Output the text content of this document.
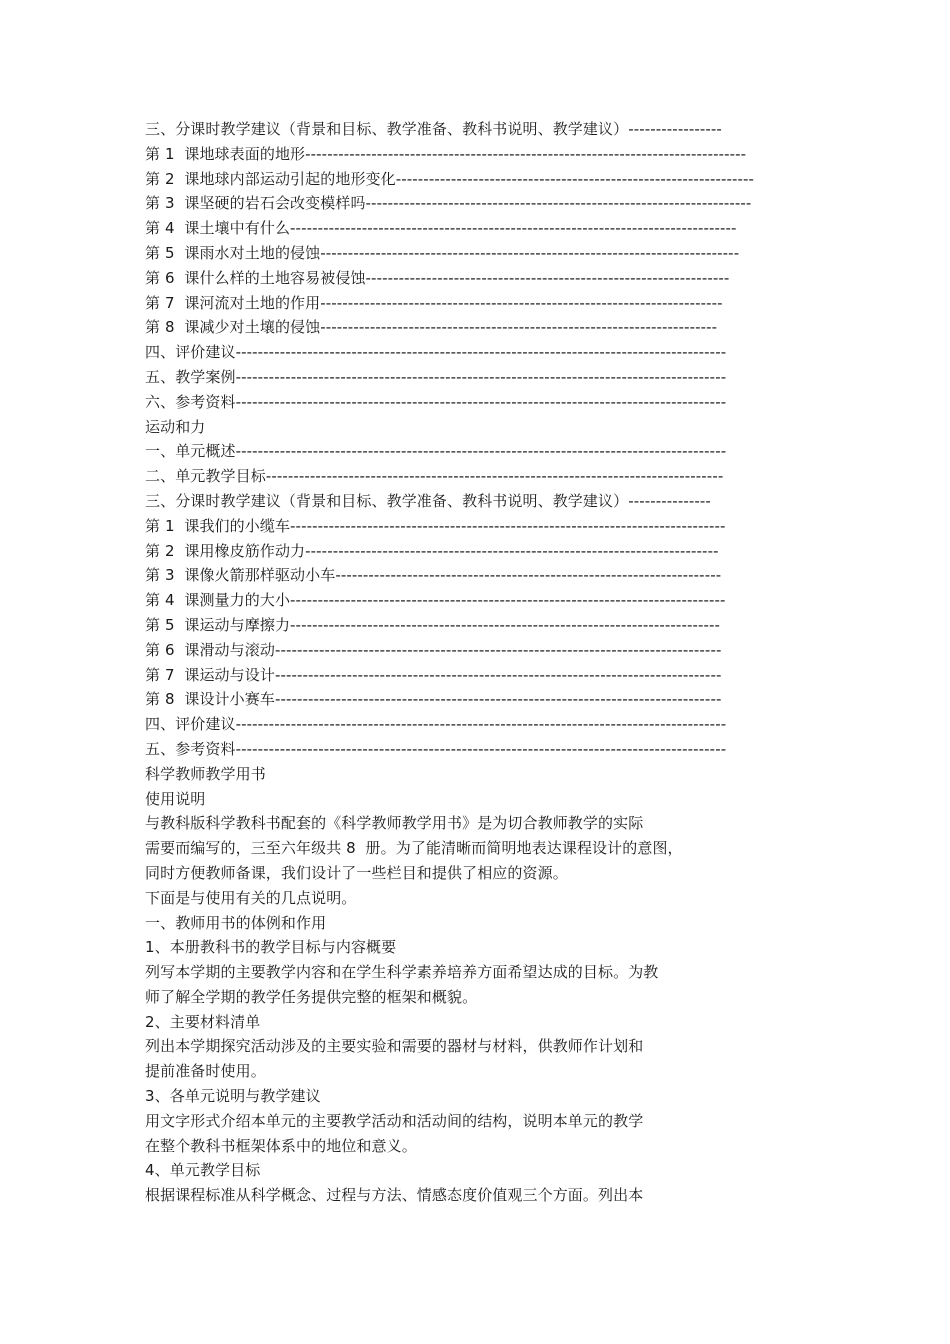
三、分课时教学建议（背景和目标、教学准备、教科书说明、教学建议）-----------------
第 1  课地球表面的地形--------------------------------------------------------------------------------
第 2  课地球内部运动引起的地形变化-----------------------------------------------------------------
第 3  课坚硬的岩石会改变模样吗----------------------------------------------------------------------
第 4  课土壤中有什么---------------------------------------------------------------------------------
第 5  课雨水对土地的侵蚀----------------------------------------------------------------------------
第 6  课什么样的土地容易被侵蚀------------------------------------------------------------------
第 7  课河流对土地的作用-------------------------------------------------------------------------
第 8  课减少对土壤的侵蚀------------------------------------------------------------------------
四、评价建议-----------------------------------------------------------------------------------------
五、教学案例-----------------------------------------------------------------------------------------
六、参考资料-----------------------------------------------------------------------------------------
运动和力
一、单元概述-----------------------------------------------------------------------------------------
二、单元教学目标-----------------------------------------------------------------------------------
三、分课时教学建议（背景和目标、教学准备、教科书说明、教学建议）---------------
第 1  课我们的小缆车-------------------------------------------------------------------------------
第 2  课用橡皮筋作动力---------------------------------------------------------------------------
第 3  课像火箭那样驱动小车----------------------------------------------------------------------
第 4  课测量力的大小-------------------------------------------------------------------------------
第 5  课运动与摩擦力------------------------------------------------------------------------------
第 6  课滑动与滚动---------------------------------------------------------------------------------
第 7  课运动与设计---------------------------------------------------------------------------------
第 8  课设计小赛车---------------------------------------------------------------------------------
四、评价建议-----------------------------------------------------------------------------------------
五、参考资料-----------------------------------------------------------------------------------------
科学教师教学用书
使用说明
与教科版科学教科书配套的《科学教师教学用书》是为切合教师教学的实际
需要而编写的，三至六年级共 8  册。为了能清晰而简明地表达课程设计的意图，
同时方便教师备课，我们设计了一些栏目和提供了相应的资源。
下面是与使用有关的几点说明。
一、教师用书的体例和作用
1、本册教科书的教学目标与内容概要
列写本学期的主要教学内容和在学生科学素养培养方面希望达成的目标。为教
师了解全学期的教学任务提供完整的框架和概貌。
2、主要材料清单
列出本学期探究活动涉及的主要实验和需要的器材与材料，供教师作计划和
提前准备时使用。
3、各单元说明与教学建议
用文字形式介绍本单元的主要教学活动和活动间的结构，说明本单元的教学
在整个教科书框架体系中的地位和意义。
4、单元教学目标
根据课程标准从科学概念、过程与方法、情感态度价值观三个方面。列出本
